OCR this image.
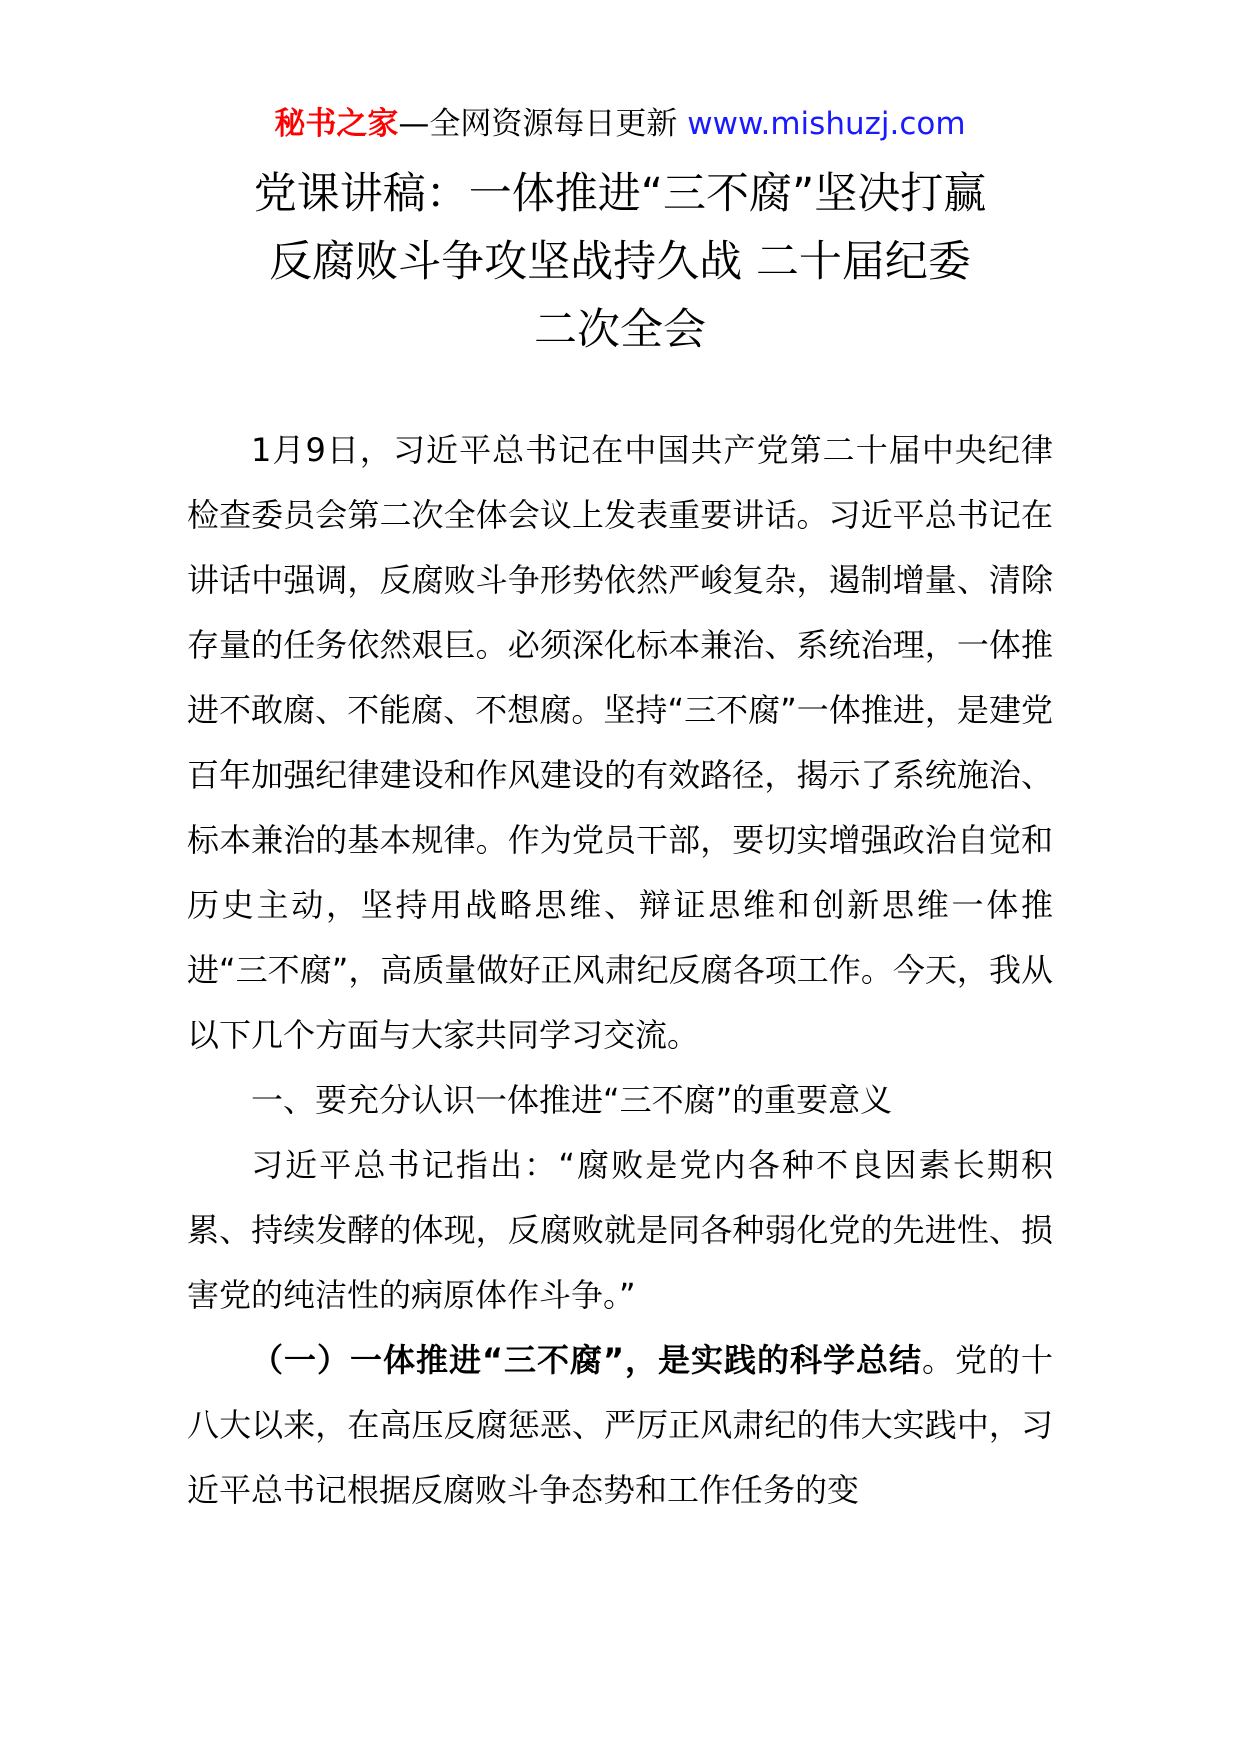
秘书之家—全网资源每日更新 www.mishuzj.com
党课讲稿：一体推进“三不腐”坚决打赢
反腐败斗争攻坚战持久战 二十届纪委
二次全会

1月9日，习近平总书记在中国共产党第二十届中央纪律检查委员会第二次全体会议上发表重要讲话。习近平总书记在讲话中强调，反腐败斗争形势依然严峻复杂，遏制增量、清除存量的任务依然艰巨。必须深化标本兼治、系统治理，一体推进不敢腐、不能腐、不想腐。坚持“三不腐”一体推进，是建党百年加强纪律建设和作风建设的有效路径，揭示了系统施治、标本兼治的基本规律。作为党员干部，要切实增强政治自觉和历史主动，坚持用战略思维、辩证思维和创新思维一体推进“三不腐”，高质量做好正风肃纪反腐各项工作。今天，我从以下几个方面与大家共同学习交流。

一、要充分认识一体推进“三不腐”的重要意义

习近平总书记指出：“腐败是党内各种不良因素长期积累、持续发酵的体现，反腐败就是同各种弱化党的先进性、损害党的纯洁性的病原体作斗争。”

（一）一体推进“三不腐”，是实践的科学总结。党的十八大以来，在高压反腐惩恶、严厉正风肃纪的伟大实践中，习近平总书记根据反腐败斗争态势和工作任务的变
